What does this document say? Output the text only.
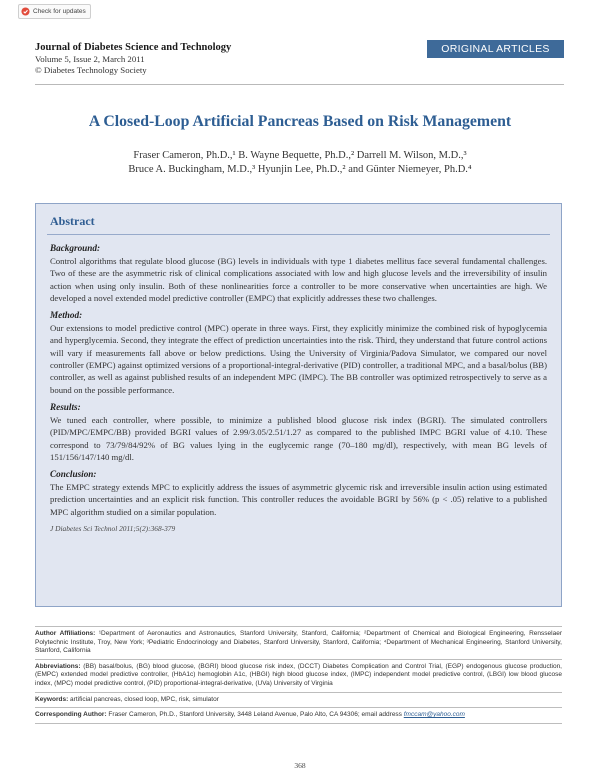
Check for updates
Journal of Diabetes Science and Technology
Volume 5, Issue 2, March 2011
© Diabetes Technology Society
ORIGINAL ARTICLES
A Closed-Loop Artificial Pancreas Based on Risk Management
Fraser Cameron, Ph.D.,¹ B. Wayne Bequette, Ph.D.,² Darrell M. Wilson, M.D.,³
Bruce A. Buckingham, M.D.,³ Hyunjin Lee, Ph.D.,² and Günter Niemeyer, Ph.D.⁴
Abstract
Background:
Control algorithms that regulate blood glucose (BG) levels in individuals with type 1 diabetes mellitus face several fundamental challenges. Two of these are the asymmetric risk of clinical complications associated with low and high glucose levels and the irreversibility of insulin action when using only insulin. Both of these nonlinearities force a controller to be more conservative when uncertainties are high. We developed a novel extended model predictive controller (EMPC) that explicitly addresses these two challenges.
Method:
Our extensions to model predictive control (MPC) operate in three ways. First, they explicitly minimize the combined risk of hypoglycemia and hyperglycemia. Second, they integrate the effect of prediction uncertainties into the risk. Third, they understand that future control actions will vary if measurements fall above or below predictions. Using the University of Virginia/Padova Simulator, we compared our novel controller (EMPC) against optimized versions of a proportional-integral-derivative (PID) controller, a traditional MPC, and a basal/bolus (BB) controller, as well as against published results of an independent MPC (IMPC). The BB controller was optimized retrospectively to serve as a bound on the possible performance.
Results:
We tuned each controller, where possible, to minimize a published blood glucose risk index (BGRI). The simulated controllers (PID/MPC/EMPC/BB) provided BGRI values of 2.99/3.05/2.51/1.27 as compared to the published IMPC BGRI value of 4.10. These correspond to 73/79/84/92% of BG values lying in the euglycemic range (70–180 mg/dl), respectively, with mean BG levels of 151/156/147/140 mg/dl.
Conclusion:
The EMPC strategy extends MPC to explicitly address the issues of asymmetric glycemic risk and irreversible insulin action using estimated prediction uncertainties and an explicit risk function. This controller reduces the avoidable BGRI by 56% (p < .05) relative to a published MPC algorithm studied on a similar population.
J Diabetes Sci Technol 2011;5(2):368-379
Author Affiliations: ¹Department of Aeronautics and Astronautics, Stanford University, Stanford, California; ²Department of Chemical and Biological Engineering, Rensselaer Polytechnic Institute, Troy, New York; ³Pediatric Endocrinology and Diabetes, Stanford University, Stanford, California; ⁴Department of Mechanical Engineering, Stanford University, Stanford, California
Abbreviations: (BB) basal/bolus, (BG) blood glucose, (BGRI) blood glucose risk index, (DCCT) Diabetes Complication and Control Trial, (EGP) endogenous glucose production, (EMPC) extended model predictive controller, (HbA1c) hemoglobin A1c, (HBGI) high blood glucose index, (IMPC) independent model predictive control, (LBGI) low blood glucose index, (MPC) model predictive control, (PID) proportional-integral-derivative, (UVa) University of Virginia
Keywords: artificial pancreas, closed loop, MPC, risk, simulator
Corresponding Author: Fraser Cameron, Ph.D., Stanford University, 3448 Leland Avenue, Palo Alto, CA 94306; email address fmccam@yahoo.com
368
